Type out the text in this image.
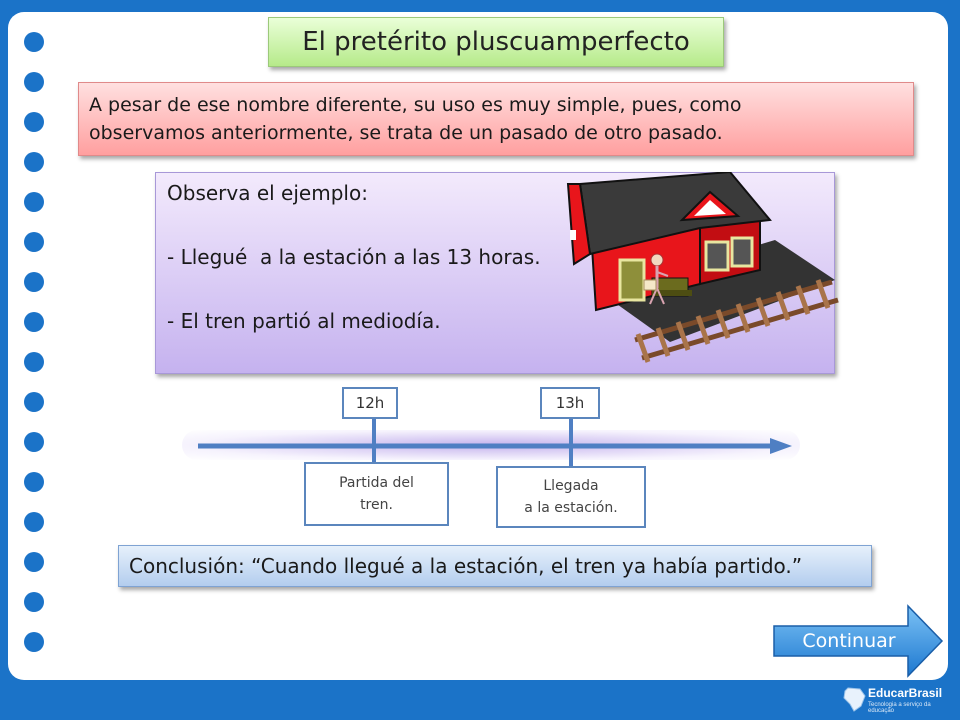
El pretérito pluscuamperfecto
A pesar de ese nombre diferente, su uso es muy simple, pues, como
observamos anteriormente, se trata de un pasado de otro pasado.
Observa el ejemplo:
- Llegué  a la estación a las 13 horas.
- El tren partió al mediodía.
12h	13h
Partida del
tren.
Llegada
a la estación.
Conclusión: “Cuando llegué a la estación, el tren ya había partido.”
Continuar
EducarBrasil
Tecnologia a serviço da educação
